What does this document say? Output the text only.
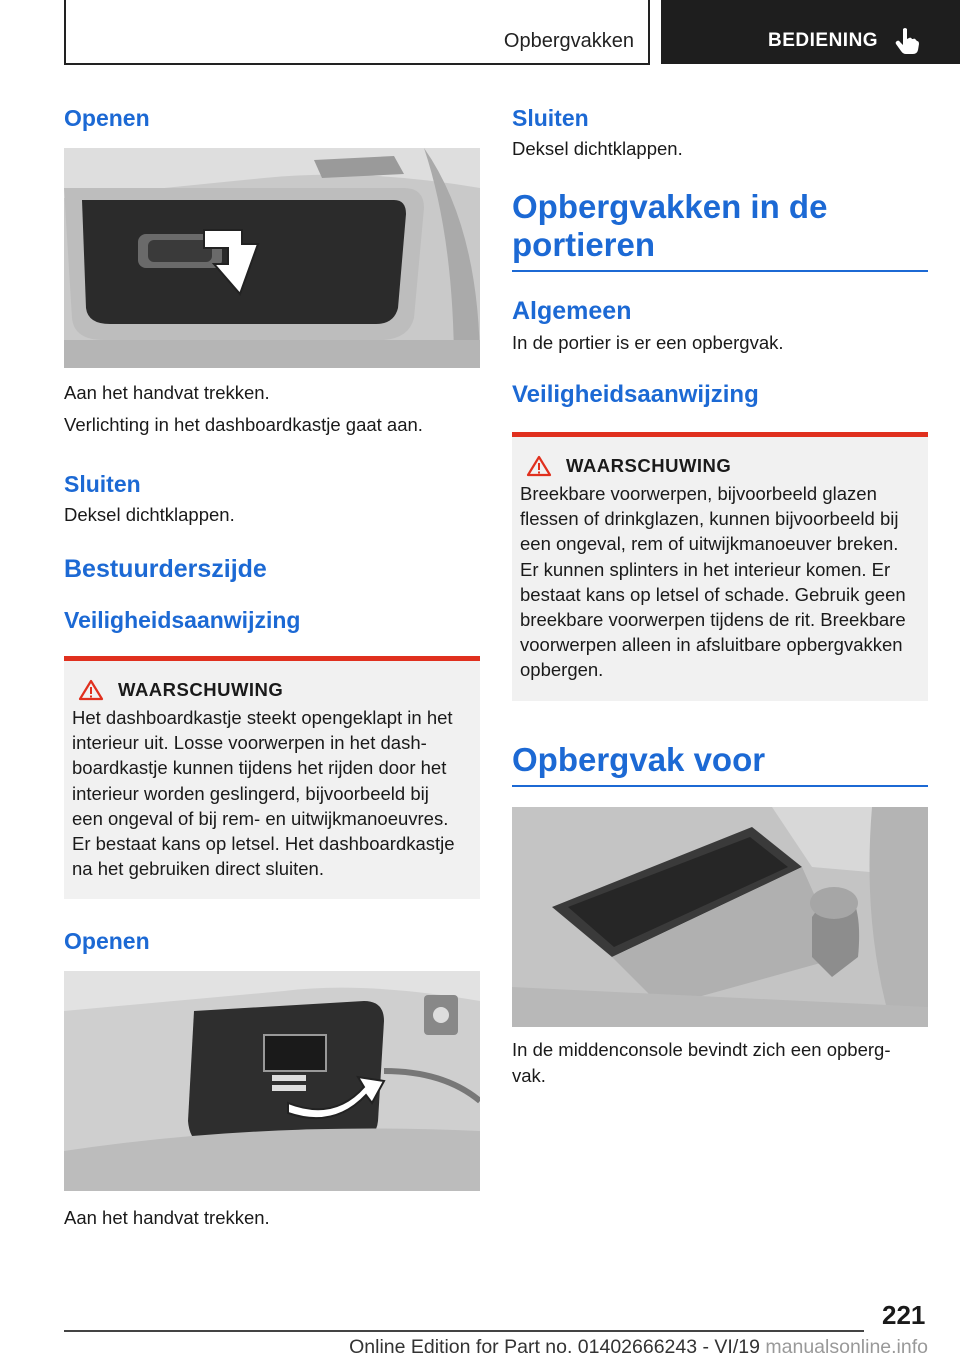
Opbergvakken	BEDIENING
Openen
Aan het handvat trekken.
Verlichting in het dashboardkastje gaat aan.
Sluiten
Deksel dichtklappen.
Bestuurderszijde
Veiligheidsaanwijzing
WAARSCHUWING
Het dashboardkastje steekt opengeklapt in het
interieur uit. Losse voorwerpen in het dash-
boardkastje kunnen tijdens het rijden door het
interieur worden geslingerd, bijvoorbeeld bij
een ongeval of bij rem- en uitwijkmanoeuvres.
Er bestaat kans op letsel. Het dashboardkastje
na het gebruiken direct sluiten.
Openen
Aan het handvat trekken.
Sluiten
Deksel dichtklappen.
Opbergvakken in de
portieren
Algemeen
In de portier is er een opbergvak.
Veiligheidsaanwijzing
WAARSCHUWING
Breekbare voorwerpen, bijvoorbeeld glazen
flessen of drinkglazen, kunnen bijvoorbeeld bij
een ongeval, rem of uitwijkmanoeuver breken.
Er kunnen splinters in het interieur komen. Er
bestaat kans op letsel of schade. Gebruik geen
breekbare voorwerpen tijdens de rit. Breekbare
voorwerpen alleen in afsluitbare opbergvakken
opbergen.
Opbergvak voor
In de middenconsole bevindt zich een opberg-
vak.
221
Online Edition for Part no. 01402666243 - VI/19 manualsonline.info
